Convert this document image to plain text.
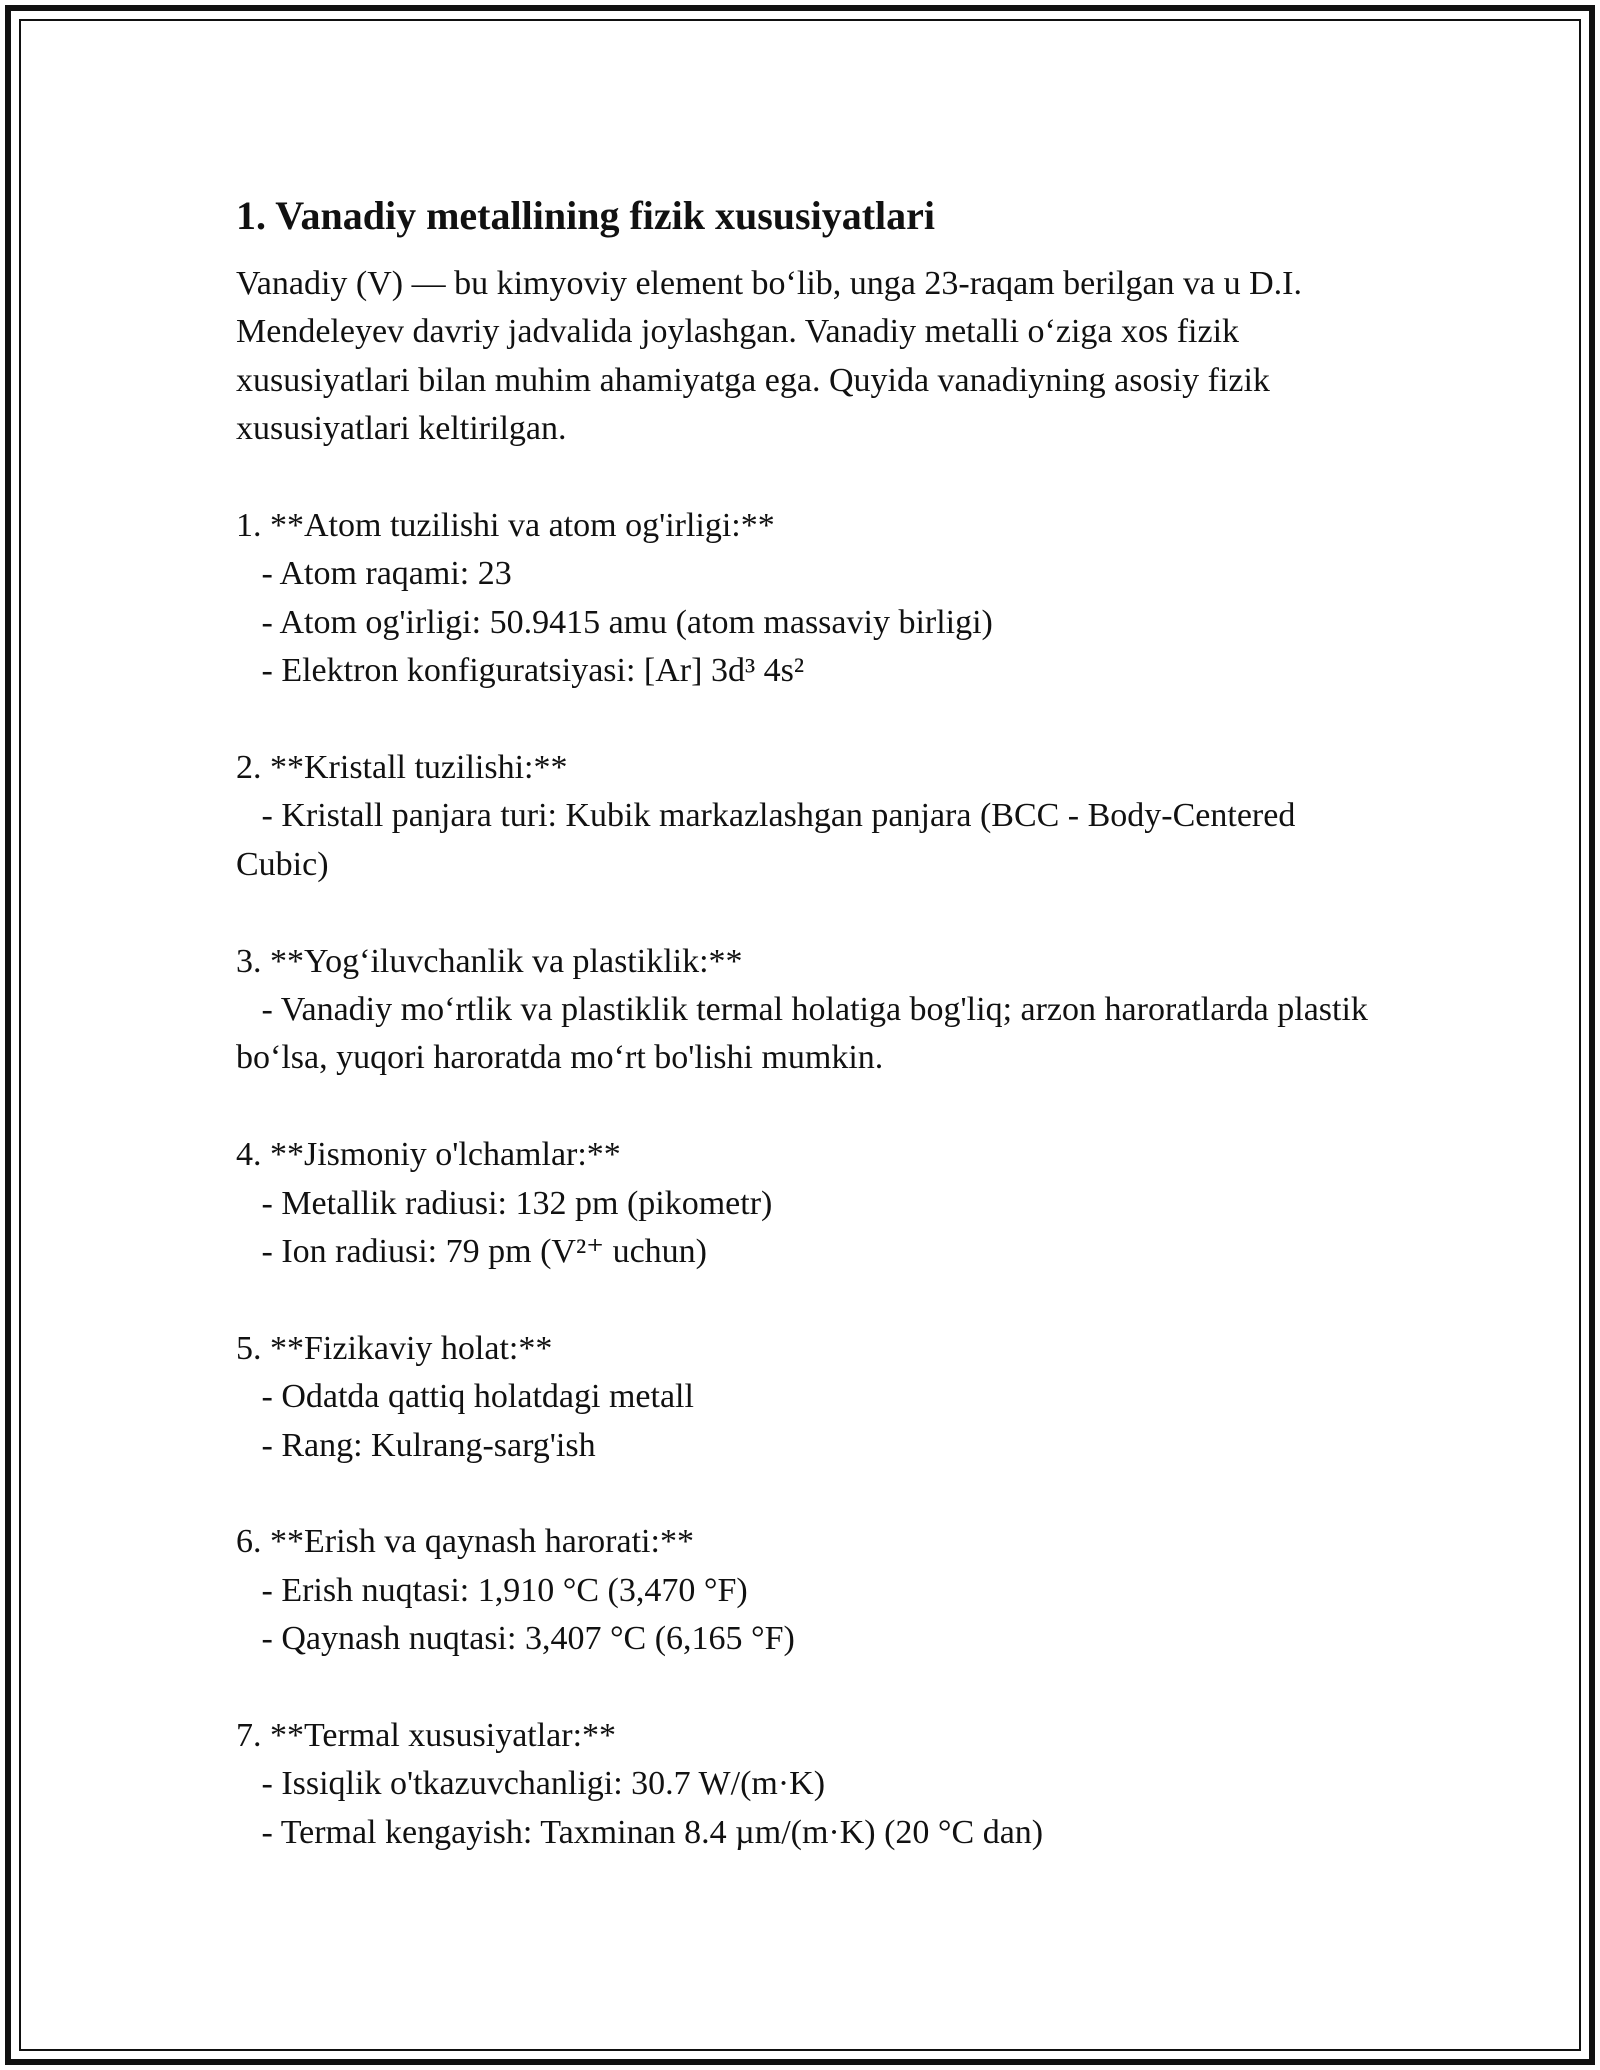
1. Vanadiy metallining fizik xususiyatlari

Vanadiy (V) — bu kimyoviy element bo‘lib, unga 23-raqam berilgan va u D.I. Mendeleyev davriy jadvalida joylashgan. Vanadiy metalli o‘ziga xos fizik xususiyatlari bilan muhim ahamiyatga ega. Quyida vanadiyning asosiy fizik xususiyatlari keltirilgan.

1. **Atom tuzilishi va atom og'irligi:**
- Atom raqami: 23
- Atom og'irligi: 50.9415 amu (atom massaviy birligi)
- Elektron konfiguratsiyasi: [Ar] 3d³ 4s²
2. **Kristall tuzilishi:**
- Kristall panjara turi: Kubik markazlashgan panjara (BCC - Body-Centered Cubic)
3. **Yog‘iluvchanlik va plastiklik:**
- Vanadiy mo‘rtlik va plastiklik termal holatiga bog'liq; arzon haroratlarda plastik bo‘lsa, yuqori haroratda mo‘rt bo'lishi mumkin.
4. **Jismoniy o'lchamlar:**
- Metallik radiusi: 132 pm (pikometr)
- Ion radiusi: 79 pm (V²⁺ uchun)
5. **Fizikaviy holat:**
- Odatda qattiq holatdagi metall
- Rang: Kulrang-sarg'ish
6. **Erish va qaynash harorati:**
- Erish nuqtasi: 1,910 °C (3,470 °F)
- Qaynash nuqtasi: 3,407 °C (6,165 °F)
7. **Termal xususiyatlar:**
- Issiqlik o'tkazuvchanligi: 30.7 W/(m·K)
- Termal kengayish: Taxminan 8.4 µm/(m·K) (20 °C dan)
